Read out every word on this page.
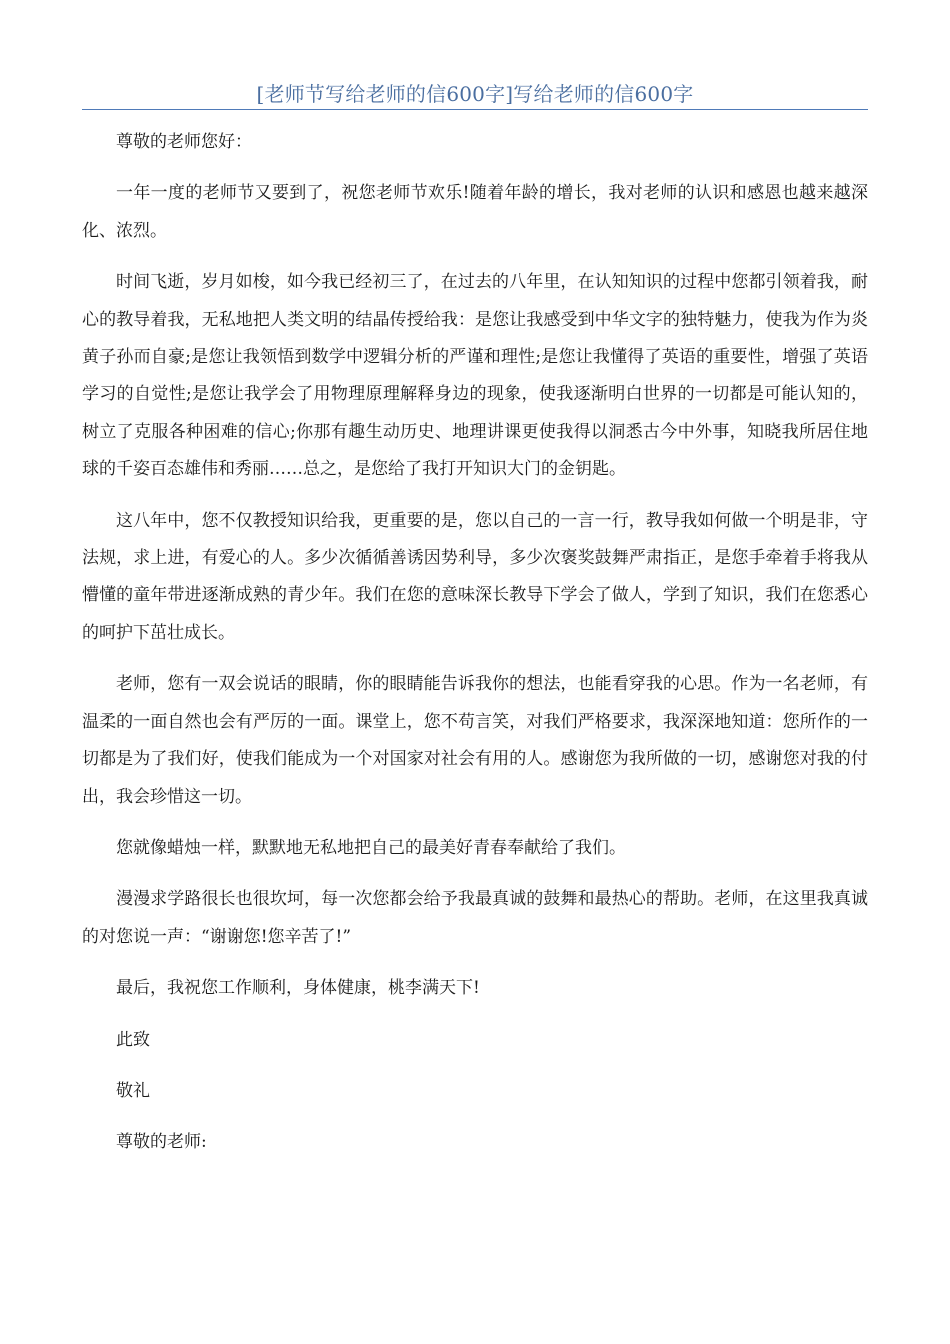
[老师节写给老师的信600字]写给老师的信600字

尊敬的老师您好：

一年一度的老师节又要到了，祝您老师节欢乐!随着年龄的增长，我对老师的认识和感恩也越来越深化、浓烈。

时间飞逝，岁月如梭，如今我已经初三了，在过去的八年里，在认知知识的过程中您都引领着我，耐心的教导着我，无私地把人类文明的结晶传授给我：是您让我感受到中华文字的独特魅力，使我为作为炎黄子孙而自豪;是您让我领悟到数学中逻辑分析的严谨和理性;是您让我懂得了英语的重要性，增强了英语学习的自觉性;是您让我学会了用物理原理解释身边的现象，使我逐渐明白世界的一切都是可能认知的，树立了克服各种困难的信心;你那有趣生动历史、地理讲课更使我得以洞悉古今中外事，知晓我所居住地球的千姿百态雄伟和秀丽……总之，是您给了我打开知识大门的金钥匙。

这八年中，您不仅教授知识给我，更重要的是，您以自己的一言一行，教导我如何做一个明是非，守法规，求上进，有爱心的人。多少次循循善诱因势利导，多少次褒奖鼓舞严肃指正，是您手牵着手将我从懵懂的童年带进逐渐成熟的青少年。我们在您的意味深长教导下学会了做人，学到了知识，我们在您悉心的呵护下茁壮成长。

老师，您有一双会说话的眼睛，你的眼睛能告诉我你的想法，也能看穿我的心思。作为一名老师，有温柔的一面自然也会有严厉的一面。课堂上，您不苟言笑，对我们严格要求，我深深地知道：您所作的一切都是为了我们好，使我们能成为一个对国家对社会有用的人。感谢您为我所做的一切，感谢您对我的付出，我会珍惜这一切。

您就像蜡烛一样，默默地无私地把自己的最美好青春奉献给了我们。

漫漫求学路很长也很坎坷，每一次您都会给予我最真诚的鼓舞和最热心的帮助。老师，在这里我真诚的对您说一声：“谢谢您!您辛苦了!”

最后，我祝您工作顺利，身体健康，桃李满天下!

此致

敬礼

尊敬的老师:
